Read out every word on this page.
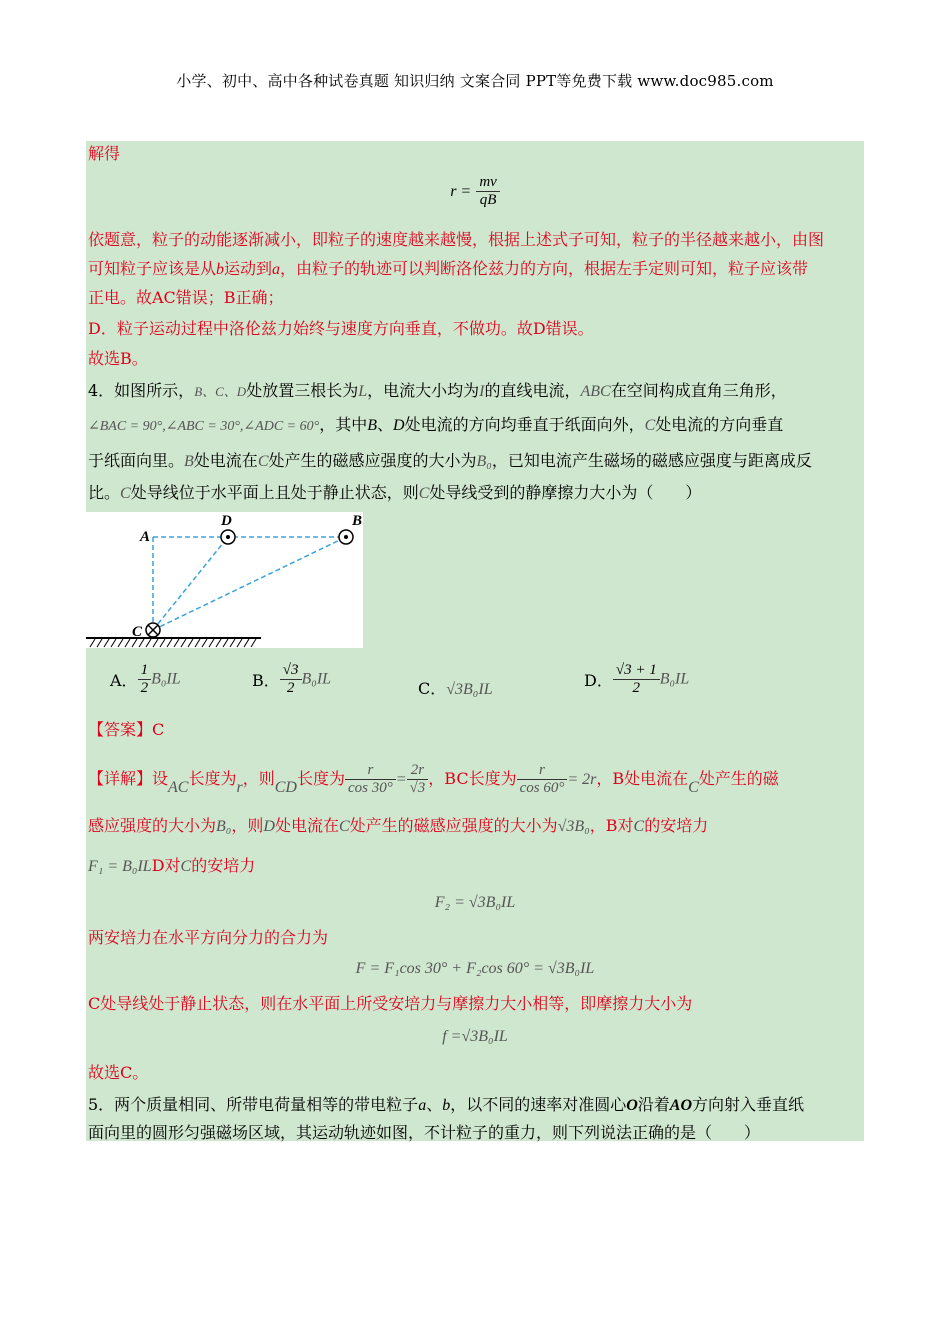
小学、初中、高中各种试卷真题 知识归纳 文案合同 PPT等免费下载 www.doc985.com
解得
$r = \frac{mv}{qB}$
依题意，粒子的动能逐渐减小，即粒子的速度越来越慢，根据上述式子可知，粒子的半径越来越小，由图
可知粒子应该是从b运动到a，由粒子的轨迹可以判断洛伦兹力的方向，根据左手定则可知，粒子应该带
正电。故AC错误；B正确；
D．粒子运动过程中洛伦兹力始终与速度方向垂直，不做功。故D错误。
故选B。
4．如图所示，B、C、D处放置三根长为L，电流大小均为I的直线电流，ABC在空间构成直角三角形，
∠BAC = 90°,∠ABC = 30°,∠ADC = 60°，其中B、D处电流的方向均垂直于纸面向外，C处电流的方向垂直
于纸面向里。B处电流在C处产生的磁感应强度的大小为B₀，已知电流产生磁场的磁感应强度与距离成反
比。C处导线位于水平面上且处于静止状态，则C处导线受到的静摩擦力大小为（　　）
A
D	B
C
A． $\frac{1}{2} B_0IL$	B． $\frac{√3}{2} B_0IL$	C．√3B₀IL	D． $\frac{√3 + 1}{2} B_0IL$
【答案】C
【详解】设AC长度为r，则CD长度为 $\frac{r}{\cos 30^\circ} = \frac{2r}{√3}$ ，BC长度为 $\frac{r}{\cos 60^\circ} = 2r$，B处电流在C处产生的磁
感应强度的大小为B₀，则D处电流在C处产生的磁感应强度的大小为√3B₀，B对C的安培力
F₁ = B₀ILD对C的安培力
F₂ = √3B₀IL
两安培力在水平方向分力的合力为
F = F₁cos 30° + F₂cos 60° = √3B₀IL
C处导线处于静止状态，则在水平面上所受安培力与摩擦力大小相等，即摩擦力大小为
f =√3B₀IL
故选C。
5．两个质量相同、所带电荷量相等的带电粒子a、b，以不同的速率对准圆心O沿着AO方向射入垂直纸
面向里的圆形匀强磁场区域，其运动轨迹如图，不计粒子的重力，则下列说法正确的是（　　）
